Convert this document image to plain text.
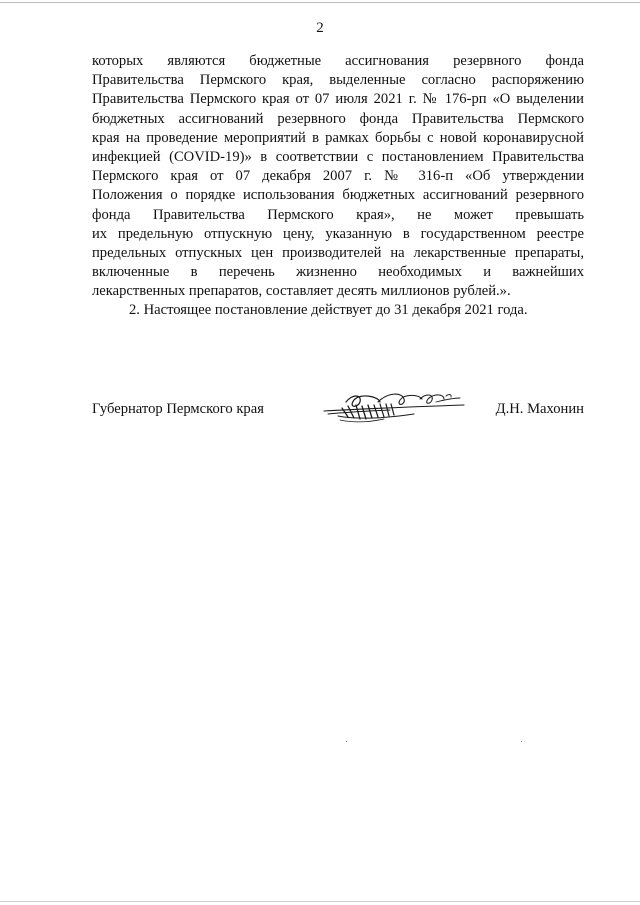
2
которых являются бюджетные ассигнования резервного фонда
Правительства Пермского края, выделенные согласно распоряжению
Правительства Пермского края от 07 июля 2021 г. № 176-рп «О выделении
бюджетных ассигнований резервного фонда Правительства Пермского
края на проведение мероприятий в рамках борьбы с новой коронавирусной
инфекцией (COVID-19)» в соответствии с постановлением Правительства
Пермского края от 07 декабря 2007 г. № 316-п «Об утверждении
Положения о порядке использования бюджетных ассигнований резервного
фонда Правительства Пермского края», не может превышать
их предельную отпускную цену, указанную в государственном реестре
предельных отпускных цен производителей на лекарственные препараты,
включенные в перечень жизненно необходимых и важнейших
лекарственных препаратов, составляет десять миллионов рублей.».
2. Настоящее постановление действует до 31 декабря 2021 года.
Губернатор Пермского края	Д.Н. Махонин
